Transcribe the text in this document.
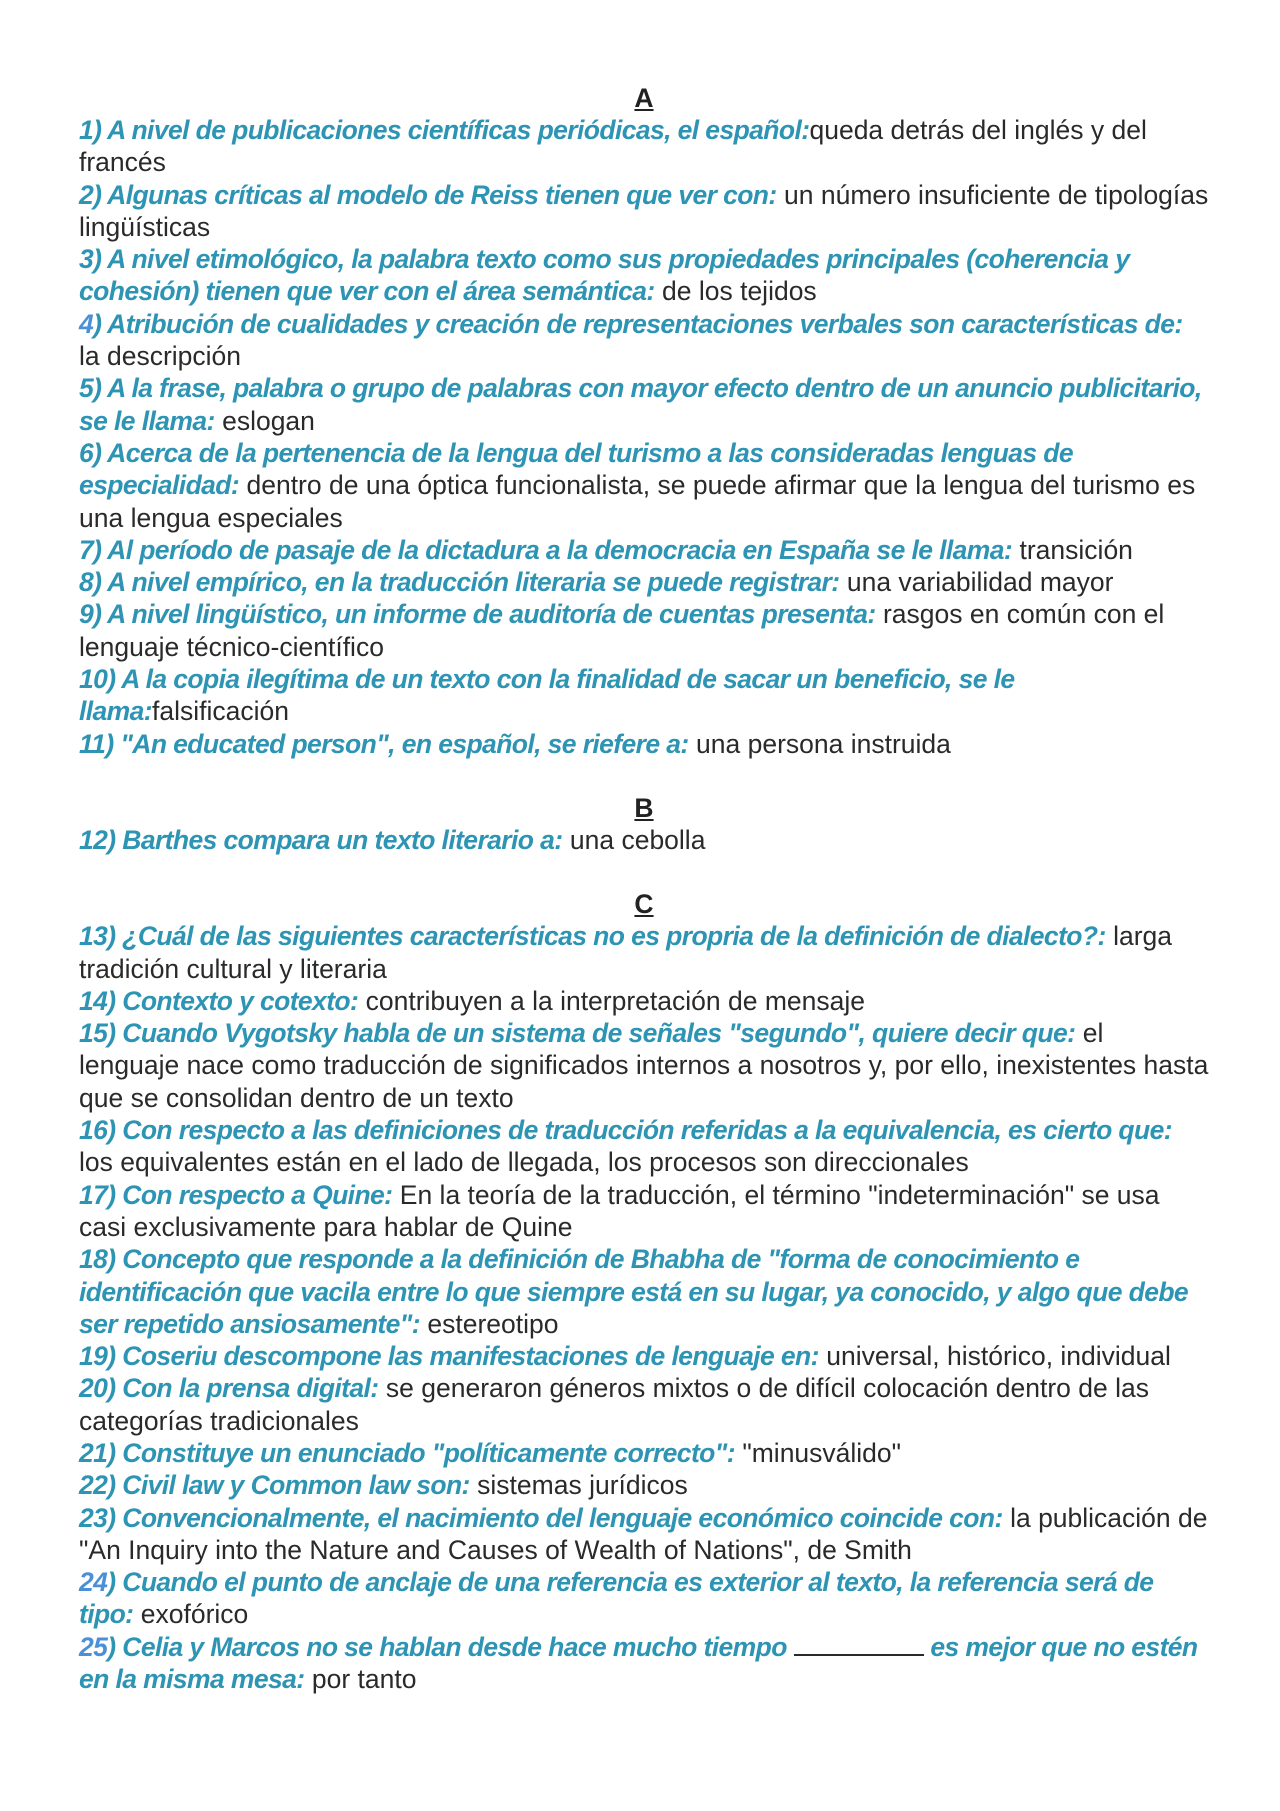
A

1) A nivel de publicaciones científicas periódicas, el español:queda detrás del inglés y del francés

2) Algunas críticas al modelo de Reiss tienen que ver con: un número insuficiente de tipologías lingüísticas

3) A nivel etimológico, la palabra texto como sus propiedades principales (coherencia y cohesión) tienen que ver con el área semántica: de los tejidos

4) Atribución de cualidades y creación de representaciones verbales son características de: la descripción

5) A la frase, palabra o grupo de palabras con mayor efecto dentro de un anuncio publicitario, se le llama: eslogan

6) Acerca de la pertenencia de la lengua del turismo a las consideradas lenguas de especialidad: dentro de una óptica funcionalista, se puede afirmar que la lengua del turismo es una lengua especiales

7) Al período de pasaje de la dictadura a la democracia en España se le llama: transición

8) A nivel empírico, en la traducción literaria se puede registrar: una variabilidad mayor

9) A nivel lingüístico, un informe de auditoría de cuentas presenta: rasgos en común con el lenguaje técnico-científico

10) A la copia ilegítima de un texto con la finalidad de sacar un beneficio, se le llama:falsificación

11) "An educated person", en español, se riefere a: una persona instruida

B

12) Barthes compara un texto literario a: una cebolla

C

13) ¿Cuál de las siguientes características no es propria de la definición de dialecto?: larga tradición cultural y literaria

14) Contexto y cotexto: contribuyen a la interpretación de mensaje

15) Cuando Vygotsky habla de un sistema de señales "segundo", quiere decir que: el lenguaje nace como traducción de significados internos a nosotros y, por ello, inexistentes hasta que se consolidan dentro de un texto

16) Con respecto a las definiciones de traducción referidas a la equivalencia, es cierto que: los equivalentes están en el lado de llegada, los procesos son direccionales

17) Con respecto a Quine: En la teoría de la traducción, el término "indeterminación" se usa casi exclusivamente para hablar de Quine

18) Concepto que responde a la definición de Bhabha de "forma de conocimiento e identificación que vacila entre lo que siempre está en su lugar, ya conocido, y algo que debe ser repetido ansiosamente": estereotipo

19) Coseriu descompone las manifestaciones de lenguaje en: universal, histórico, individual

20) Con la prensa digital: se generaron géneros mixtos o de difícil colocación dentro de las categorías tradicionales

21) Constituye un enunciado "políticamente correcto": "minusválido"

22) Civil law y Common law son: sistemas jurídicos

23) Convencionalmente, el nacimiento del lenguaje económico coincide con: la publicación de "An Inquiry into the Nature and Causes of Wealth of Nations", de Smith

24) Cuando el punto de anclaje de una referencia es exterior al texto, la referencia será de tipo: exofórico

25) Celia y Marcos no se hablan desde hace mucho tiempo	es mejor que no estén en la misma mesa: por tanto
